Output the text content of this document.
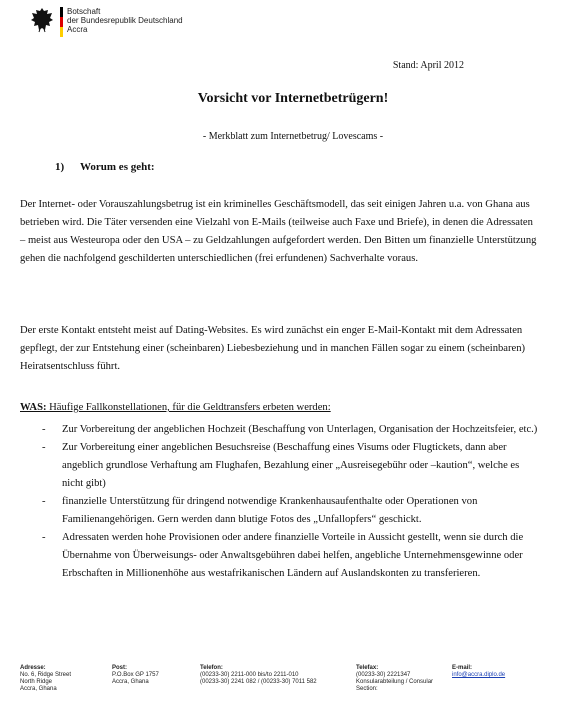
Botschaft
der Bundesrepublik Deutschland
Accra
Stand: April 2012
Vorsicht vor Internetbetrügern!
- Merkblatt zum Internetbetrug/ Lovescams -
1) Worum es geht:

Der Internet- oder Vorauszahlungsbetrug ist ein kriminelles Geschäftsmodell, das seit einigen Jahren u.a. von Ghana aus betrieben wird. Die Täter versenden eine Vielzahl von E-Mails (teilweise auch Faxe und Briefe), in denen die Adressaten – meist aus Westeuropa oder den USA – zu Geldzahlungen aufgefordert werden. Den Bitten um finanzielle Unterstützung gehen die nachfolgend geschilderten unterschiedlichen (frei erfundenen) Sachverhalte voraus.

Der erste Kontakt entsteht meist auf Dating-Websites. Es wird zunächst ein enger E-Mail-Kontakt mit dem Adressaten gepflegt, der zur Entstehung einer (scheinbaren) Liebesbeziehung und in manchen Fällen sogar zu einem (scheinbaren) Heiratsentschluss führt.

WAS: Häufige Fallkonstellationen, für die Geldtransfers erbeten werden:
- Zur Vorbereitung der angeblichen Hochzeit (Beschaffung von Unterlagen, Organisation der Hochzeitsfeier, etc.)
- Zur Vorbereitung einer angeblichen Besuchsreise (Beschaffung eines Visums oder Flugtickets, dann aber angeblich grundlose Verhaftung am Flughafen, Bezahlung einer „Ausreisegebühr oder –kaution“, welche es nicht gibt)
- finanzielle Unterstützung für dringend notwendige Krankenhausaufenthalte oder Operationen von Familienangehörigen. Gern werden dann blutige Fotos des „Unfallopfers“ geschickt.
- Adressaten werden hohe Provisionen oder andere finanzielle Vorteile in Aussicht gestellt, wenn sie durch die Übernahme von Überweisungs- oder Anwaltsgebühren dabei helfen, angebliche Unternehmensgewinne oder Erbschaften in Millionenhöhe aus westafrikanischen Ländern auf Auslandskonten zu transferieren.
Adresse:
No. 6, Ridge Street
North Ridge
Accra, Ghana
Post:
P.O.Box GP 1757
Accra, Ghana
Telefon:
(00233-30) 2211-000 bis/to 2211-010
(00233-30) 2241 082 / (00233-30) 7011 582
Telefax:
(00233-30) 2221347
Konsularabteilung / Consular
Section:
E-mail:
info@accra.diplo.de
